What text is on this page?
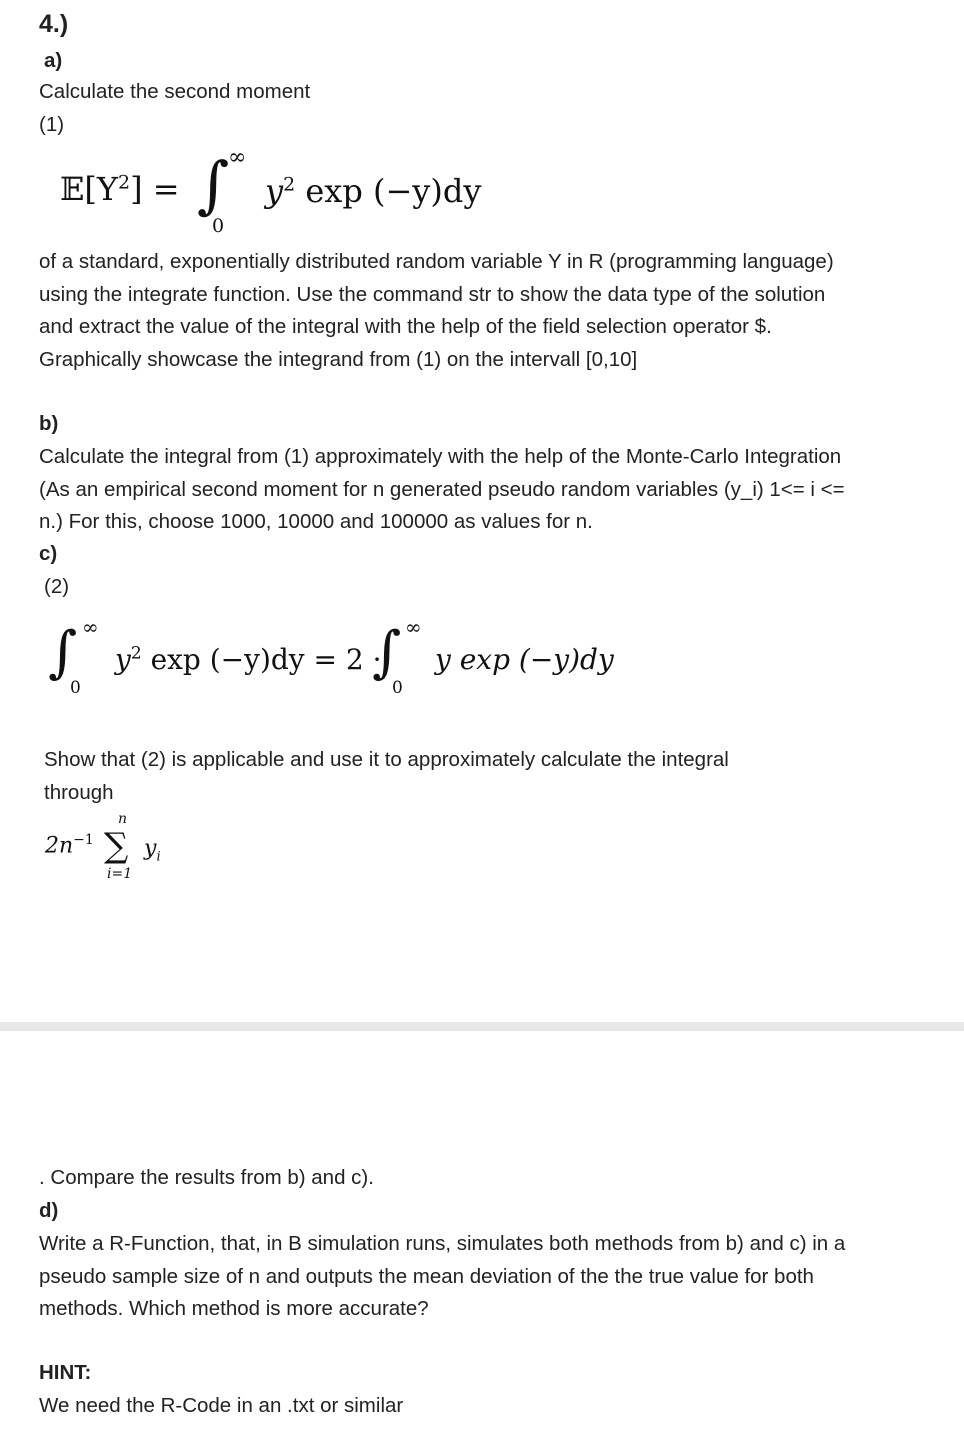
4.)
a)
Calculate the second moment
(1)
$𝔼[Y^2]$ = ∫
∞
0
$y^2$ exp (−y)dy

of a standard, exponentially distributed random variable Y in R (programming language) using the integrate function. Use the command str to show the data type of the solution and extract the value of the integral with the help of the field selection operator $. Graphically showcase the integrand from (1) on the intervall [0,10]

b)

Calculate the integral from (1) approximately with the help of the Monte-Carlo Integration (As an empirical second moment for n generated pseudo random variables (y_i) 1<= i <= n.) For this, choose 1000, 10000 and 100000 as values for n.

c)
(2)
∫ ∞
0
$y^2$ exp (−y)dy = 2 ·
∫ ∞
0
y exp (−y)dy

Show that (2) is applicable and use it to approximately calculate the integral through

$2n^{-1}$
n
∑
i=1
$y_i$
. Compare the results from b) and c).
d)

Write a R-Function, that, in B simulation runs, simulates both methods from b) and c) in a pseudo sample size of n and outputs the mean deviation of the the true value for both methods. Which method is more accurate?

HINT:
We need the R-Code in an .txt or similar
